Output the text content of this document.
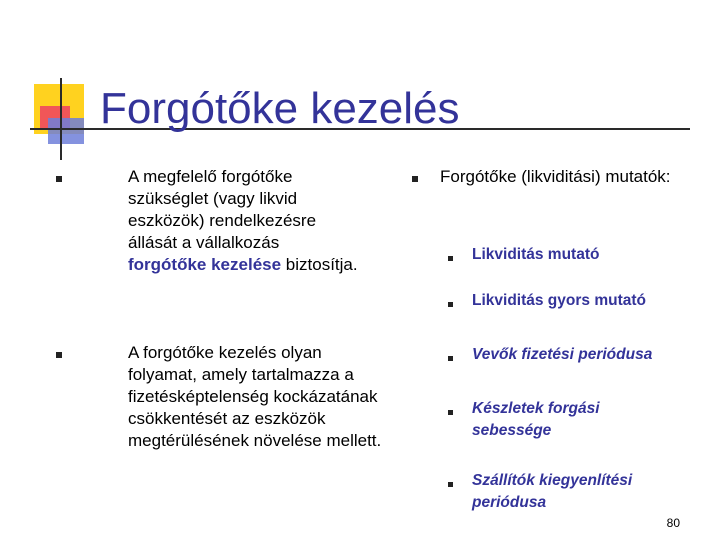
Forgótőke kezelés
A megfelelő forgótőke szükséglet (vagy likvid eszközök) rendelkezésre állását a vállalkozás forgótőke kezelése biztosítja.
A forgótőke kezelés olyan folyamat, amely tartalmazza a fizetésképtelenség kockázatának csökkentését az eszközök megtérülésének növelése mellett.
Forgótőke (likviditási) mutatók:
Likviditás mutató
Likviditás gyors mutató
Vevők fizetési periódusa
Készletek forgási sebessége
Szállítók kiegyenlítési periódusa
80
